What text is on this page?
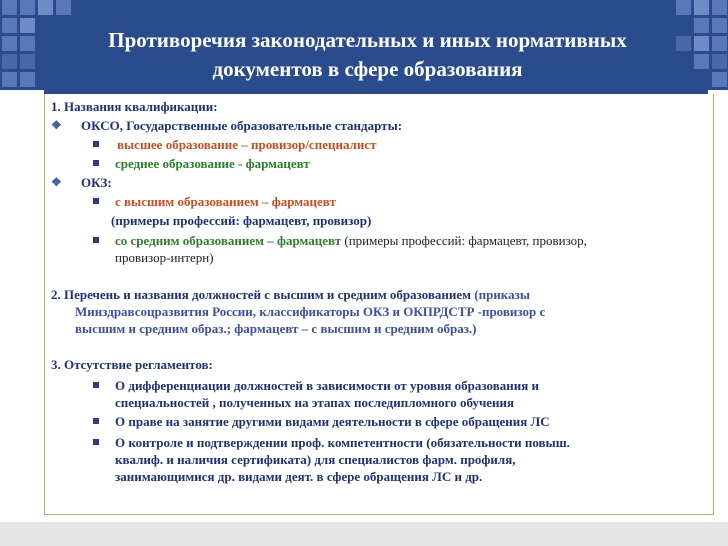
Противоречия законодательных и иных нормативных
документов в сфере образования
1. Названия квалификации:
❖ ОКСО, Государственные образовательные стандарты:
высшее образование – провизор/специалист
среднее образование - фармацевт
❖ ОКЗ:
с высшим образованием – фармацевт
(примеры профессий: фармацевт, провизор)
со средним образованием – фармацевт (примеры профессий: фармацевт, провизор,
провизор-интерн)
2. Перечень и названия должностей с высшим и средним образованием (приказы
Минздравсоцразвития России, классификаторы ОКЗ и ОКПРДСТР -провизор с
высшим и средним образ.; фармацевт – с высшим и средним образ.)
3. Отсутствие регламентов:
О дифференциации должностей в зависимости от уровня образования и
специальностей , полученных на этапах последипломного обучения
О праве на занятие другими видами деятельности в сфере обращения ЛС
О контроле и подтверждении проф. компетентности (обязательности повыш.
квалиф. и наличия сертификата) для специалистов фарм. профиля,
занимающимися др. видами деят. в сфере обращения ЛС и др.
